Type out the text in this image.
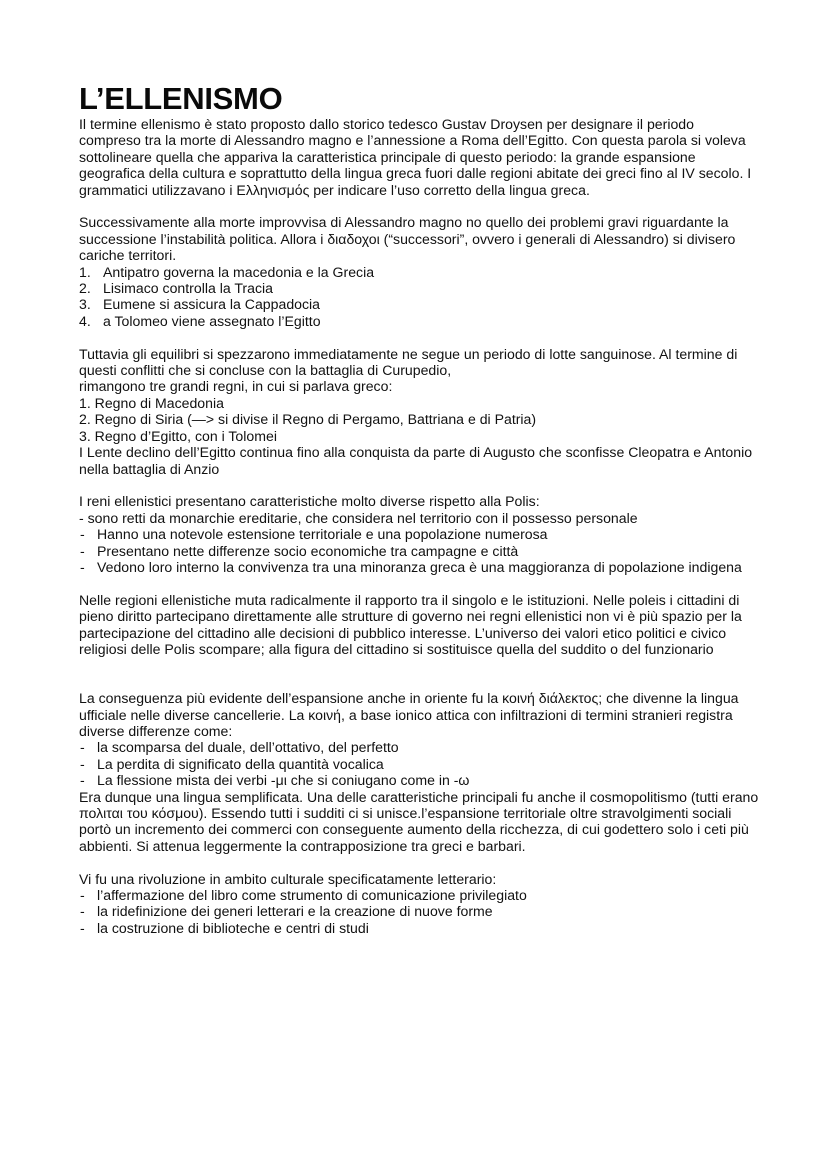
L’ELLENISMO

Il termine ellenismo è stato proposto dallo storico tedesco Gustav Droysen per designare il periodo compreso tra la morte di Alessandro magno e l’annessione a Roma dell’Egitto. Con questa parola si voleva sottolineare quella che appariva la caratteristica principale di questo periodo: la grande espansione geografica della cultura e soprattutto della lingua greca fuori dalle regioni abitate dei greci fino al IV secolo. I grammatici utilizzavano i Ελληνισμός per indicare l’uso corretto della lingua greca.

Successivamente alla morte improvvisa di Alessandro magno no quello dei problemi gravi riguardante la successione l’instabilità politica. Allora i διαδοχοι (“successori”, ovvero i generali di Alessandro) si divisero cariche territori.

1. Antipatro governa la macedonia e la Grecia
2. Lisimaco controlla la Tracia
3. Eumene si assicura la Cappadocia
4. a Tolomeo viene assegnato l’Egitto

Tuttavia gli equilibri si spezzarono immediatamente ne segue un periodo di lotte sanguinose. Al termine di questi conflitti che si concluse con la battaglia di Curupedio,

rimangono tre grandi regni, in cui si parlava greco:
1. Regno di Macedonia
2. Regno di Siria (—> si divise il Regno di Pergamo, Battriana e di Patria)
3. Regno d’Egitto, con i Tolomei

I Lente declino dell’Egitto continua fino alla conquista da parte di Augusto che sconfisse Cleopatra e Antonio nella battaglia di Anzio

I reni ellenistici presentano caratteristiche molto diverse rispetto alla Polis:

- sono retti da monarchie ereditarie, che considera nel territorio con il possesso personale
- Hanno una notevole estensione territoriale e una popolazione numerosa
- Presentano nette differenze socio economiche tra campagne e città
- Vedono loro interno la convivenza tra una minoranza greca è una maggioranza di popolazione indigena

Nelle regioni ellenistiche muta radicalmente il rapporto tra il singolo e le istituzioni. Nelle poleis i cittadini di pieno diritto partecipano direttamente alle strutture di governo nei regni ellenistici non vi è più spazio per la partecipazione del cittadino alle decisioni di pubblico interesse. L’universo dei valori etico politici e civico religiosi delle Polis scompare; alla figura del cittadino si sostituisce quella del suddito o del funzionario

La conseguenza più evidente dell’espansione anche in oriente fu la κοινή διάλεκτος; che divenne la lingua ufficiale nelle diverse cancellerie. La κοινή, a base ionico attica con infiltrazioni di termini stranieri registra diverse differenze come:

- la scomparsa del duale, dell’ottativo, del perfetto
- La perdita di significato della quantità vocalica
- La flessione mista dei verbi -μι che si coniugano come in -ω

Era dunque una lingua semplificata. Una delle caratteristiche principali fu anche il cosmopolitismo (tutti erano πολιται του κόσμου). Essendo tutti i sudditi ci si unisce.l’espansione territoriale oltre stravolgimenti sociali portò un incremento dei commerci con conseguente aumento della ricchezza, di cui godettero solo i ceti più abbienti. Si attenua leggermente la contrapposizione tra greci e barbari.

Vi fu una rivoluzione in ambito culturale specificatamente letterario:

- l’affermazione del libro come strumento di comunicazione privilegiato
- la ridefinizione dei generi letterari e la creazione di nuove forme
- la costruzione di biblioteche e centri di studi
